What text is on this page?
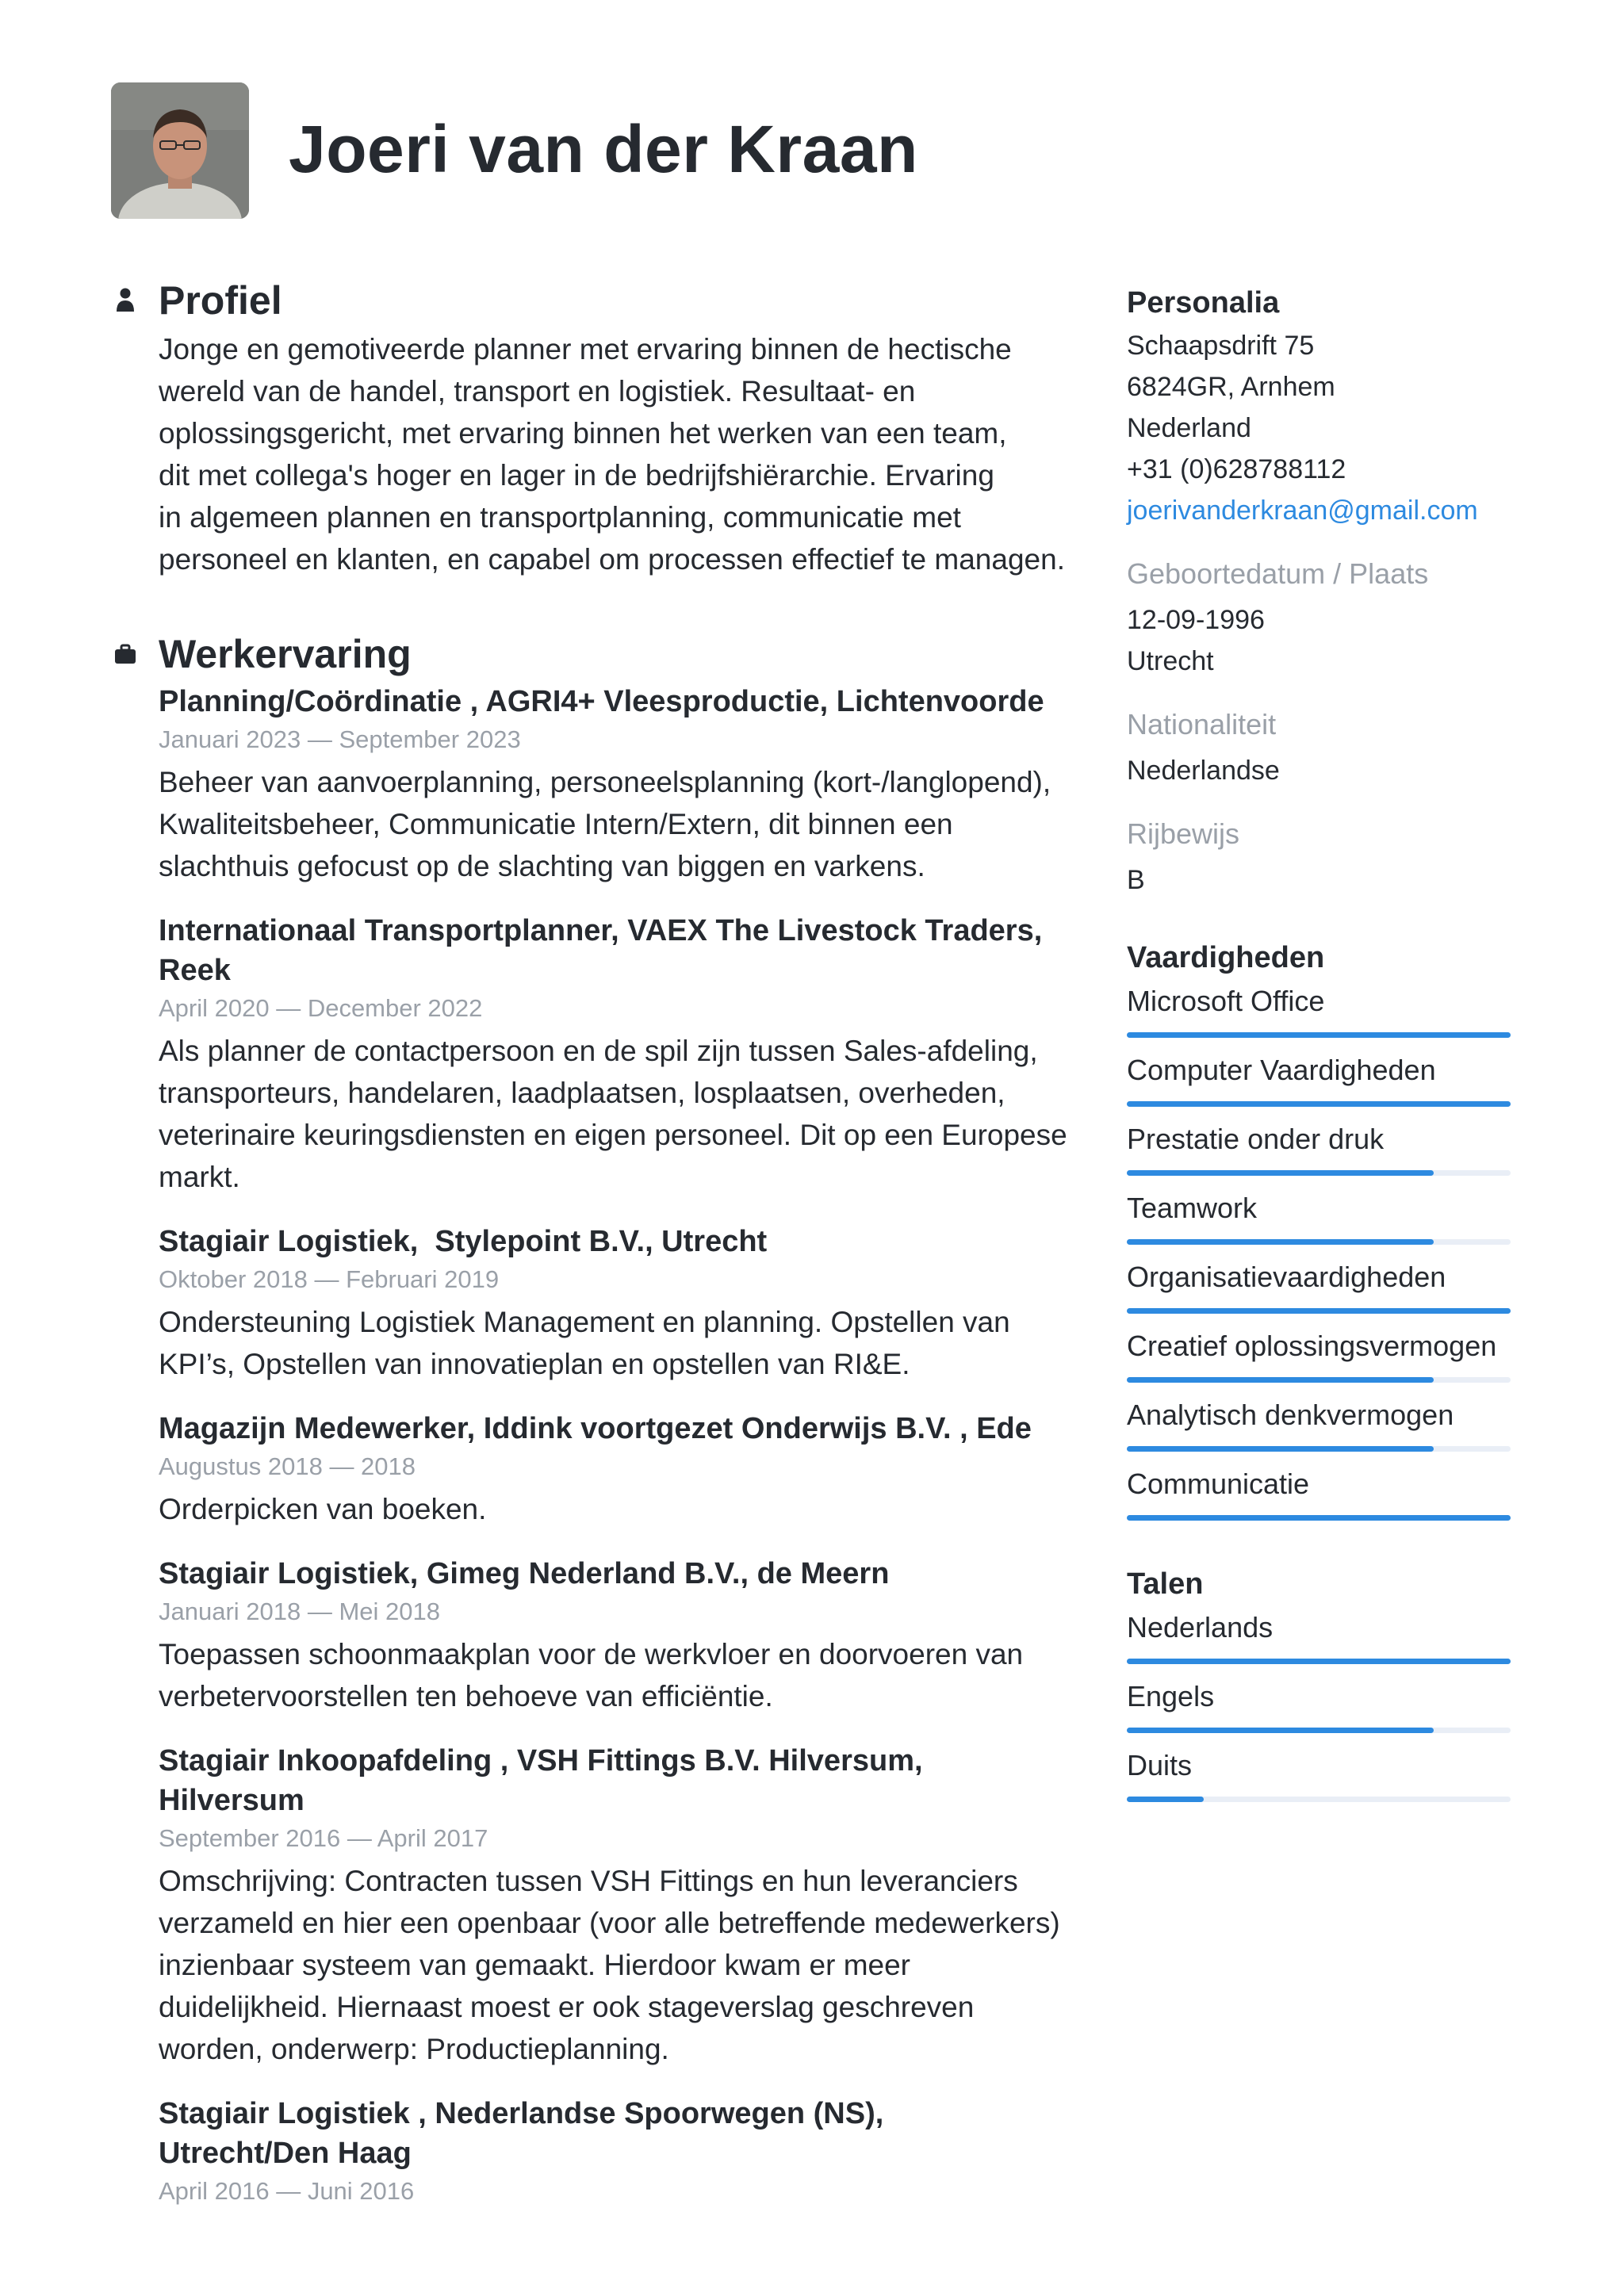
Joeri van der Kraan
Profiel
Jonge en gemotiveerde planner met ervaring binnen de hectische
wereld van de handel, transport en logistiek. Resultaat- en
oplossingsgericht, met ervaring binnen het werken van een team,
dit met collega's hoger en lager in de bedrijfshiërarchie. Ervaring
in algemeen plannen en transportplanning, communicatie met
personeel en klanten, en capabel om processen effectief te managen.
Werkervaring
Planning/Coördinatie , AGRI4+ Vleesproductie, Lichtenvoorde
Januari 2023 — September 2023
Beheer van aanvoerplanning, personeelsplanning (kort-/langlopend),
Kwaliteitsbeheer, Communicatie Intern/Extern, dit binnen een
slachthuis gefocust op de slachting van biggen en varkens.
Internationaal Transportplanner, VAEX The Livestock Traders, Reek
April 2020 — December 2022
Als planner de contactpersoon en de spil zijn tussen Sales-afdeling,
transporteurs, handelaren, laadplaatsen, losplaatsen, overheden,
veterinaire keuringsdiensten en eigen personeel. Dit op een Europese
markt.
Stagiair Logistiek,  Stylepoint B.V., Utrecht
Oktober 2018 — Februari 2019
Ondersteuning Logistiek Management en planning. Opstellen van
KPI’s, Opstellen van innovatieplan en opstellen van RI&E.
Magazijn Medewerker, Iddink voortgezet Onderwijs B.V. , Ede
Augustus 2018 — 2018
Orderpicken van boeken.
Stagiair Logistiek, Gimeg Nederland B.V., de Meern
Januari 2018 — Mei 2018
Toepassen schoonmaakplan voor de werkvloer en doorvoeren van
verbetervoorstellen ten behoeve van efficiëntie.
Stagiair Inkoopafdeling , VSH Fittings B.V. Hilversum, Hilversum
September 2016 — April 2017
Omschrijving: Contracten tussen VSH Fittings en hun leveranciers
verzameld en hier een openbaar (voor alle betreffende medewerkers)
inzienbaar systeem van gemaakt. Hierdoor kwam er meer
duidelijkheid. Hiernaast moest er ook stageverslag geschreven
worden, onderwerp: Productieplanning.
Stagiair Logistiek , Nederlandse Spoorwegen (NS), Utrecht/Den Haag
April 2016 — Juni 2016
Personalia
Schaapsdrift 75
6824GR, Arnhem
Nederland
+31 (0)628788112
joerivanderkraan@gmail.com
Geboortedatum / Plaats
12-09-1996
Utrecht
Nationaliteit
Nederlandse
Rijbewijs
B
Vaardigheden
Microsoft Office
Computer Vaardigheden
Prestatie onder druk
Teamwork
Organisatievaardigheden
Creatief oplossingsvermogen
Analytisch denkvermogen
Communicatie
Talen
Nederlands
Engels
Duits
